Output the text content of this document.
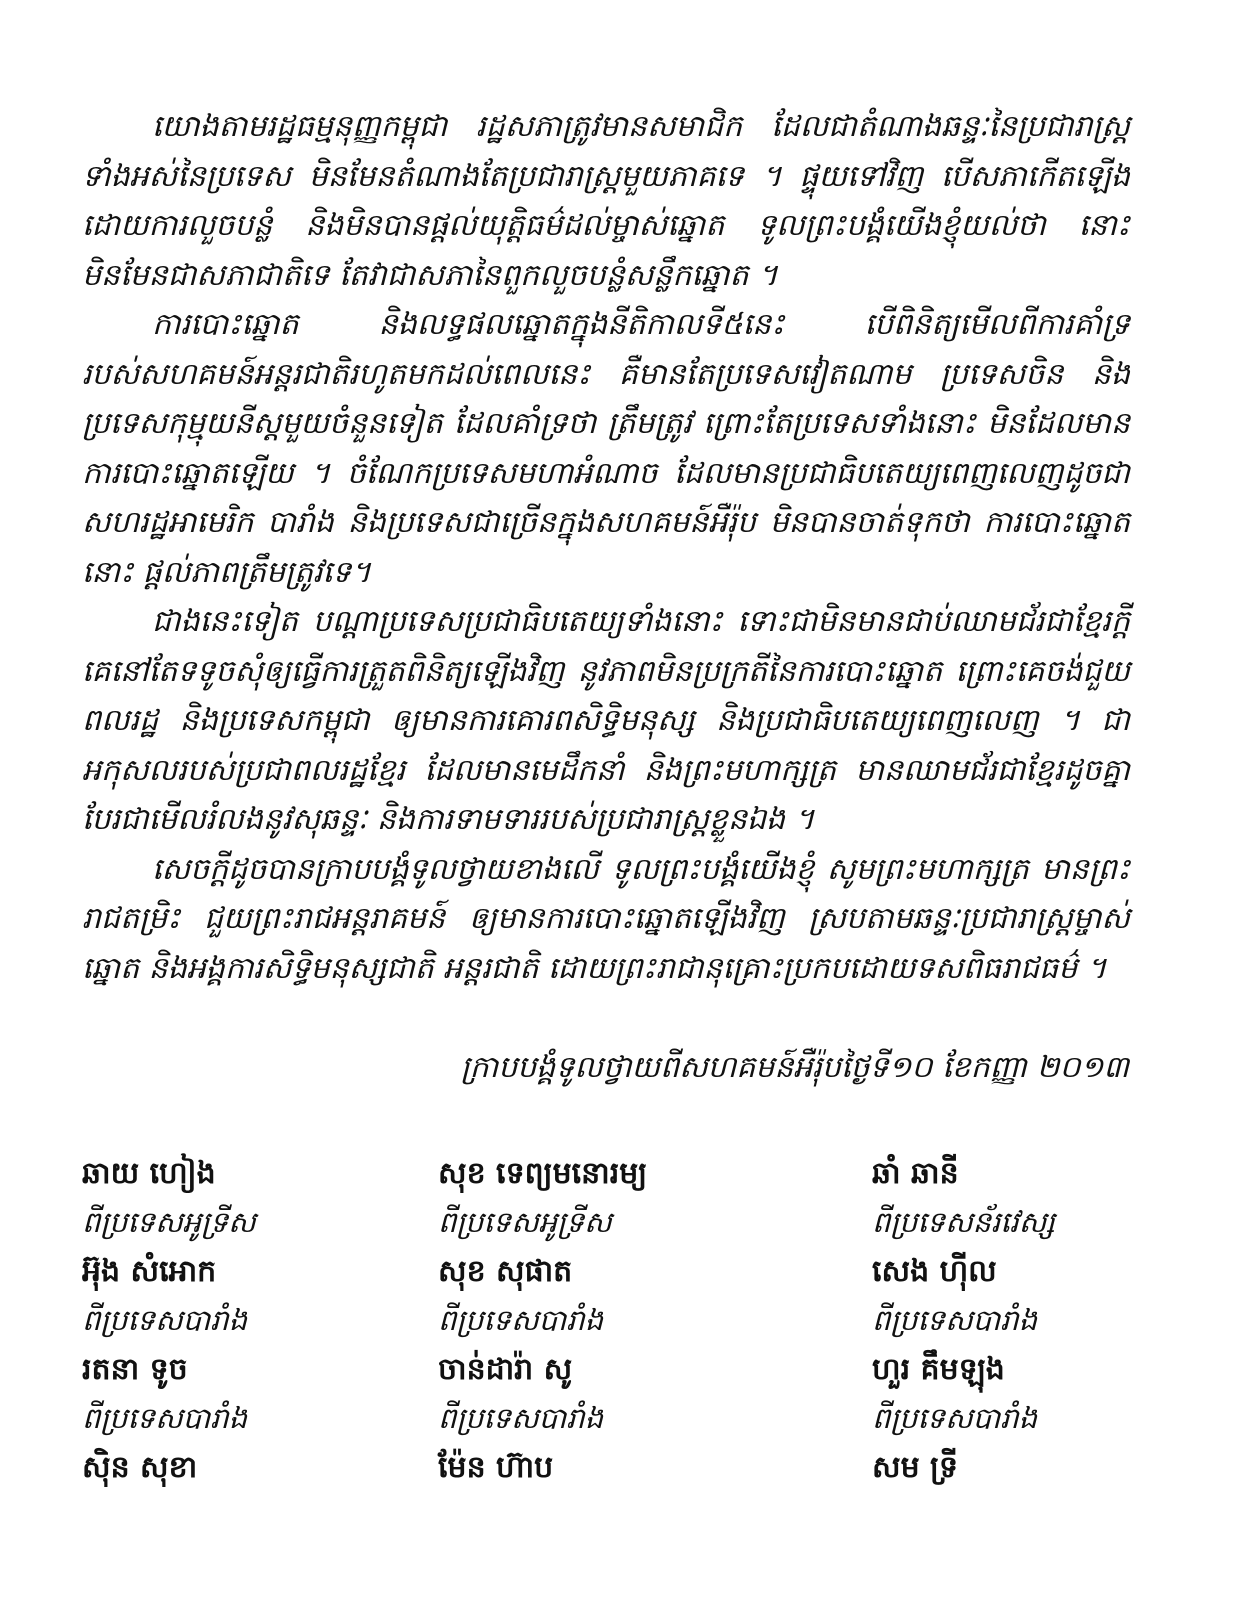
យោងតាមរដ្ឋធម្មនុញ្ញកម្ពុជា រដ្ឋសភាត្រូវមានសមាជិក ដែលជាតំណាងឆន្ទៈនៃប្រជារាស្ត្រ ទាំងអស់នៃប្រទេស មិនមែនតំណាងតែប្រជារាស្ត្រមួយភាគទេ ។ ផ្ទុយទៅវិញ បើសភាកើតឡើងដោយការលួចបន្លំ និងមិនបានផ្តល់យុត្តិធម៌ដល់ម្ចាស់ឆ្នោត ទូលព្រះបង្គំយើងខ្ញុំយល់ថា នោះមិនមែនជាសភាជាតិទេ តែវាជាសភានៃពួកលួចបន្លំសន្លឹកឆ្នោត ។

ការបោះឆ្នោត និងលទ្ធផលឆ្នោតក្នុងនីតិកាលទី៥នេះ បើពិនិត្យមើលពីការគាំទ្ររបស់សហគមន៍អន្តរជាតិរហូតមកដល់ពេលនេះ គឺមានតែប្រទេសវៀតណាម ប្រទេសចិន និងប្រទេសកុម្មុយនីស្តមួយចំនួនទៀត ដែលគាំទ្រថា ត្រឹមត្រូវ ព្រោះតែប្រទេសទាំងនោះ មិនដែលមានការបោះឆ្នោតឡើយ ។ ចំណែកប្រទេសមហាអំណាច ដែលមានប្រជាធិបតេយ្យពេញលេញដូចជា សហរដ្ឋអាមេរិក បារាំង និងប្រទេសជាច្រើនក្នុងសហគមន៍អឺរ៉ុប មិនបានចាត់ទុកថា ការបោះឆ្នោតនោះ ផ្តល់ភាពត្រឹមត្រូវទេ។

ជាងនេះទៀត បណ្តាប្រទេសប្រជាធិបតេយ្យទាំងនោះ ទោះជាមិនមានជាប់ឈាមជ័រជាខ្មែរក្តី គេនៅតែទទូចសុំឲ្យធ្វើការត្រួតពិនិត្យឡើងវិញ នូវភាពមិនប្រក្រតីនៃការបោះឆ្នោត ព្រោះគេចង់ជួយពលរដ្ឋ និងប្រទេសកម្ពុជា ឲ្យមានការគោរពសិទ្ធិមនុស្ស និងប្រជាធិបតេយ្យពេញលេញ ។ ជាអកុសលរបស់ប្រជាពលរដ្ឋខ្មែរ ដែលមានមេដឹកនាំ និងព្រះមហាក្សត្រ មានឈាមជ័រជាខ្មែរដូចគ្នា បែរជាមើលរំលងនូវសុឆន្ទៈ និងការទាមទាររបស់ប្រជារាស្ត្រខ្លួនឯង ។

សេចក្តីដូចបានក្រាបបង្គំទូលថ្វាយខាងលើ ទូលព្រះបង្គំយើងខ្ញុំ សូមព្រះមហាក្សត្រ មានព្រះរាជតម្រិះ ជួយព្រះរាជអន្តរាគមន៍ ឲ្យមានការបោះឆ្នោតឡើងវិញ ស្របតាមឆន្ទៈប្រជារាស្ត្រម្ចាស់ឆ្នោត និងអង្គការសិទ្ធិមនុស្សជាតិ អន្តរជាតិ ដោយព្រះរាជានុគ្រោះប្រកបដោយទសពិធរាជធម៌ ។

ក្រាបបង្គំទូលថ្វាយពីសហគមន៍អឺរ៉ុបថ្ងៃទី១០ ខែកញ្ញា ២០១៣
ឆាយ ហៀង
ពីប្រទេសអូទ្រីស
សុខ ទេព្យមនោរម្យ
ពីប្រទេសអូទ្រីស
ឆាំ ឆានី
ពីប្រទេសន័រវេស្ស
អ៊ុង សំអោក
ពីប្រទេសបារាំង
សុខ សុផាត
ពីប្រទេសបារាំង
សេង ហ៊ីល
ពីប្រទេសបារាំង
រតនា ទូច
ពីប្រទេសបារាំង
ចាន់ដារ៉ា សូ
ពីប្រទេសបារាំង
ហួរ គឹមឡុង
ពីប្រទេសបារាំង
ស៊ិន សុខា	ម៉ែន ហ៊ាប	សម ទ្រី
